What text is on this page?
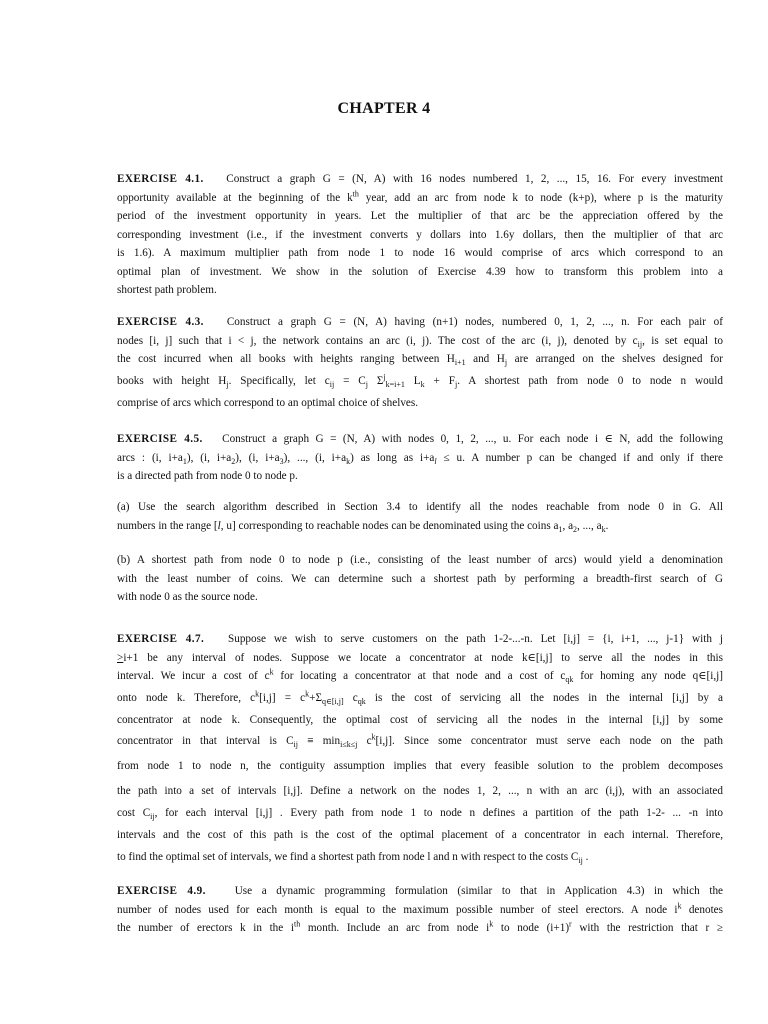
CHAPTER 4
EXERCISE 4.1. Construct a graph G = (N, A) with 16 nodes numbered 1, 2, ..., 15, 16. For every investment
opportunity available at the beginning of the $k^{th}$ year, add an arc from node k to node (k+p), where p is the maturity
period of the investment opportunity in years. Let the multiplier of that arc be the appreciation offered by the
corresponding investment (i.e., if the investment converts y dollars into 1.6y dollars, then the multiplier of that arc
is 1.6). A maximum multiplier path from node 1 to node 16 would comprise of arcs which correspond to an
optimal plan of investment. We show in the solution of Exercise 4.39 how to transform this problem into a
shortest path problem.
EXERCISE 4.3. Construct a graph G = (N, A) having (n+1) nodes, numbered 0, 1, 2, ..., n. For each pair of
nodes [i, j] such that i < j, the network contains an arc (i, j). The cost of the arc (i, j), denoted by $c_{ij}$, is set equal to
the cost incurred when all books with heights ranging between $H_{i+1}$ and $H_j$ are arranged on the shelves designed for
books with height $H_j$. Specifically, let $c_{ij} = C_j$ $\Sigma^j_{k=i+1}$ $L_k + F_j$. A shortest path from node 0 to node n would
comprise of arcs which correspond to an optimal choice of shelves.
EXERCISE 4.5. Construct a graph G = (N, A) with nodes 0, 1, 2, ..., u. For each node i ∈ N, add the following
arcs : (i, $i+a_1$), (i, $i+a_2$), (i, $i+a_3$), ..., (i, $i+a_k$) as long as $i+a_l \le u$. A number p can be changed if and only if there
is a directed path from node 0 to node p.
(a) Use the search algorithm described in Section 3.4 to identify all the nodes reachable from node 0 in G. All
numbers in the range [l, u] corresponding to reachable nodes can be denominated using the coins $a_1$, $a_2$, ..., $a_k$.
(b) A shortest path from node 0 to node p (i.e., consisting of the least number of arcs) would yield a denomination
with the least number of coins. We can determine such a shortest path by performing a breadth-first search of G
with node 0 as the source node.
EXERCISE 4.7. Suppose we wish to serve customers on the path 1-2-...-n. Let [i,j] = {i, i+1, ..., j-1} with j
>i+1 be any interval of nodes. Suppose we locate a concentrator at node k∈[i,j] to serve all the nodes in this
interval. We incur a cost of $c^k$ for locating a concentrator at that node and a cost of $c_{qk}$ for homing any node q∈[i,j]
onto node k. Therefore, $c^k[i,j] = c^k+\Sigma_{q\in[i,j]}$ $c_{qk}$ is the cost of servicing all the nodes in the internal [i,j] by a
concentrator at node k. Consequently, the optimal cost of servicing all the nodes in the internal [i,j] by some
concentrator in that interval is $C_{ij} \equiv \min_{i\le k\le j} c^k[i,j]$. Since some concentrator must serve each node on the path
from node 1 to node n, the contiguity assumption implies that every feasible solution to the problem decomposes
the path into a set of intervals [i,j]. Define a network on the nodes 1, 2, ..., n with an arc (i,j), with an associated
cost $C_{ij}$, for each interval [i,j] . Every path from node 1 to node n defines a partition of the path 1-2- ... -n into
intervals and the cost of this path is the cost of the optimal placement of a concentrator in each internal. Therefore,
to find the optimal set of intervals, we find a shortest path from node l and n with respect to the costs $C_{ij}$ .
EXERCISE 4.9.	Use a dynamic programming formulation (similar to that in Application 4.3) in which the
number of nodes used for each month is equal to the maximum possible number of steel erectors. A node $i^k$ denotes
the number of erectors k in the $i^{th}$ month. Include an arc from node $i^k$ to node $(i+1)^r$ with the restriction that r ≥
